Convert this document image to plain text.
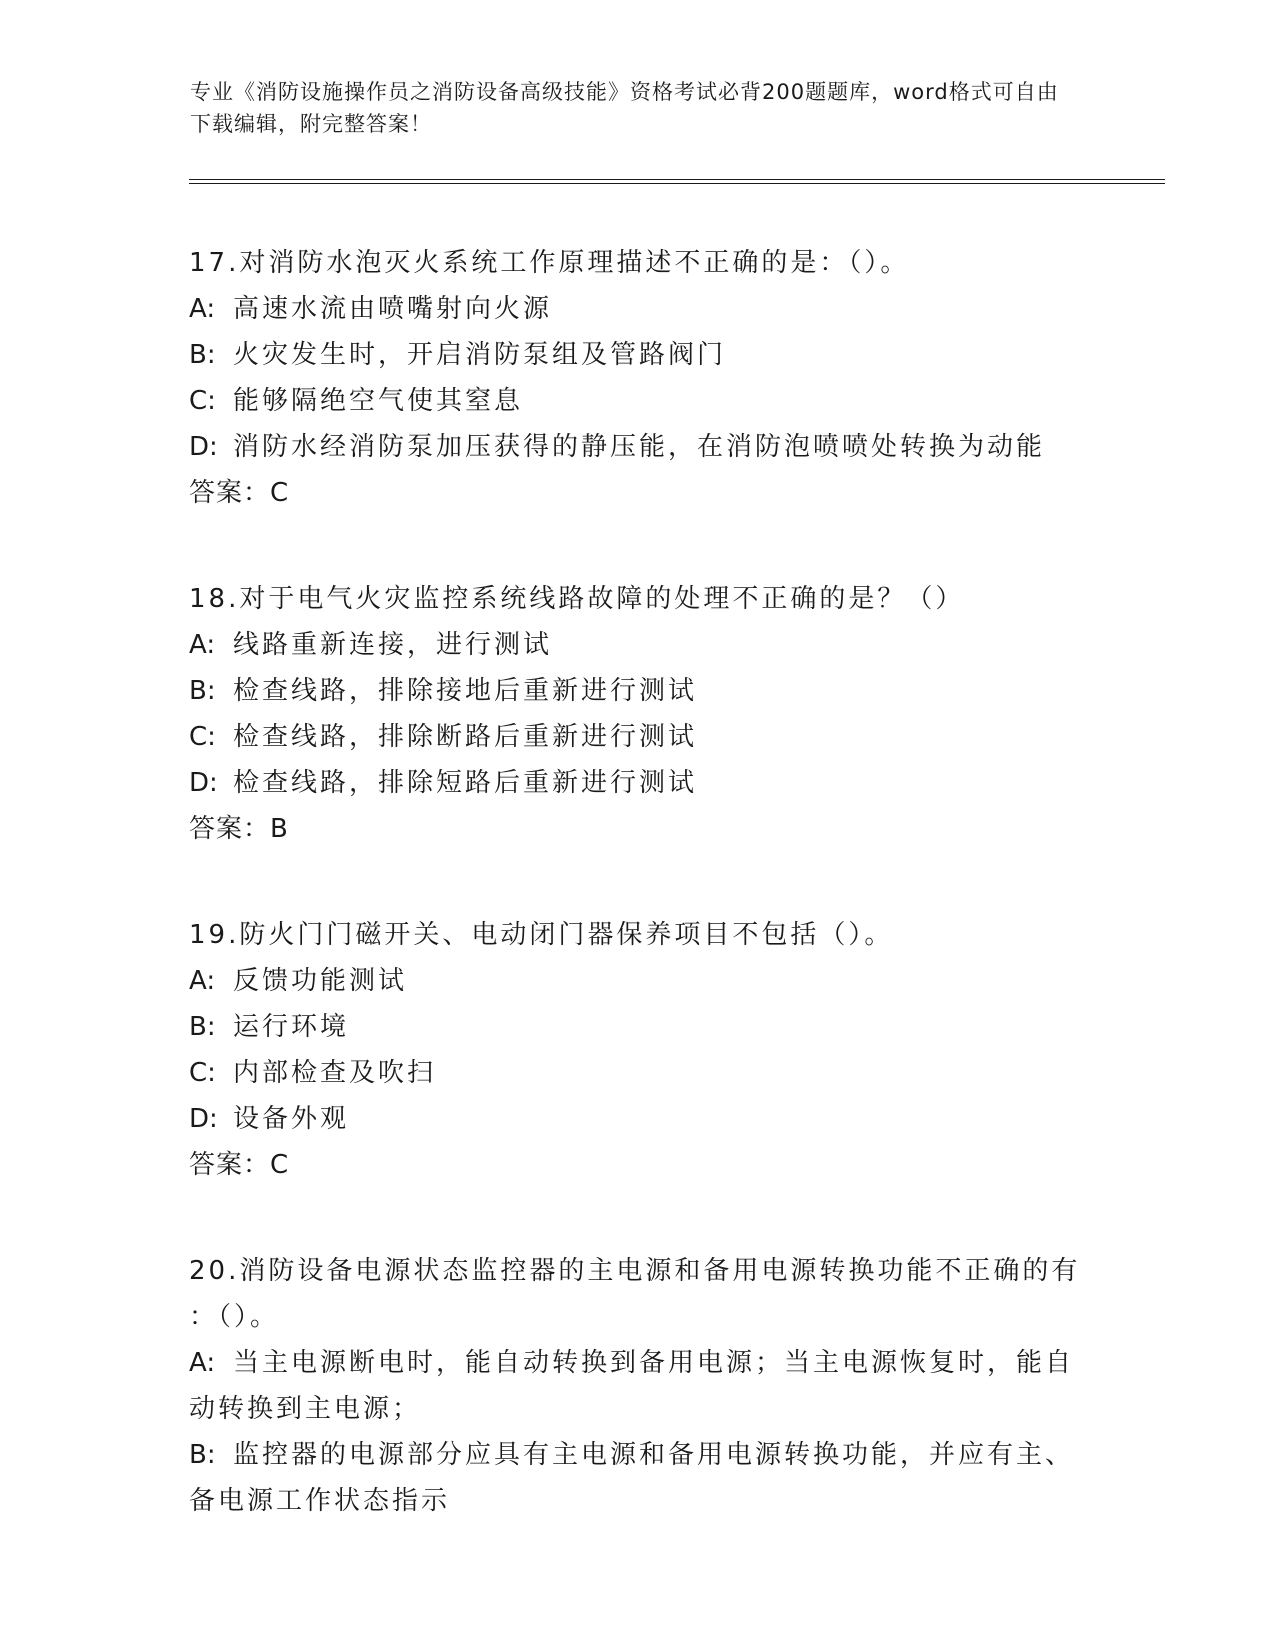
专业《消防设施操作员之消防设备高级技能》资格考试必背200题题库，word格式可自由下载编辑，附完整答案！
17.对消防水泡灭火系统工作原理描述不正确的是：（）。
A: 高速水流由喷嘴射向火源
B: 火灾发生时，开启消防泵组及管路阀门
C: 能够隔绝空气使其窒息
D: 消防水经消防泵加压获得的静压能，在消防泡喷喷处转换为动能
答案：C
18.对于电气火灾监控系统线路故障的处理不正确的是？（）
A: 线路重新连接，进行测试
B: 检查线路，排除接地后重新进行测试
C: 检查线路，排除断路后重新进行测试
D: 检查线路，排除短路后重新进行测试
答案：B
19.防火门门磁开关、电动闭门器保养项目不包括（）。
A: 反馈功能测试
B: 运行环境
C: 内部检查及吹扫
D: 设备外观
答案：C
20.消防设备电源状态监控器的主电源和备用电源转换功能不正确的有
：（）。
A: 当主电源断电时，能自动转换到备用电源；当主电源恢复时，能自
动转换到主电源；
B: 监控器的电源部分应具有主电源和备用电源转换功能，并应有主、
备电源工作状态指示
